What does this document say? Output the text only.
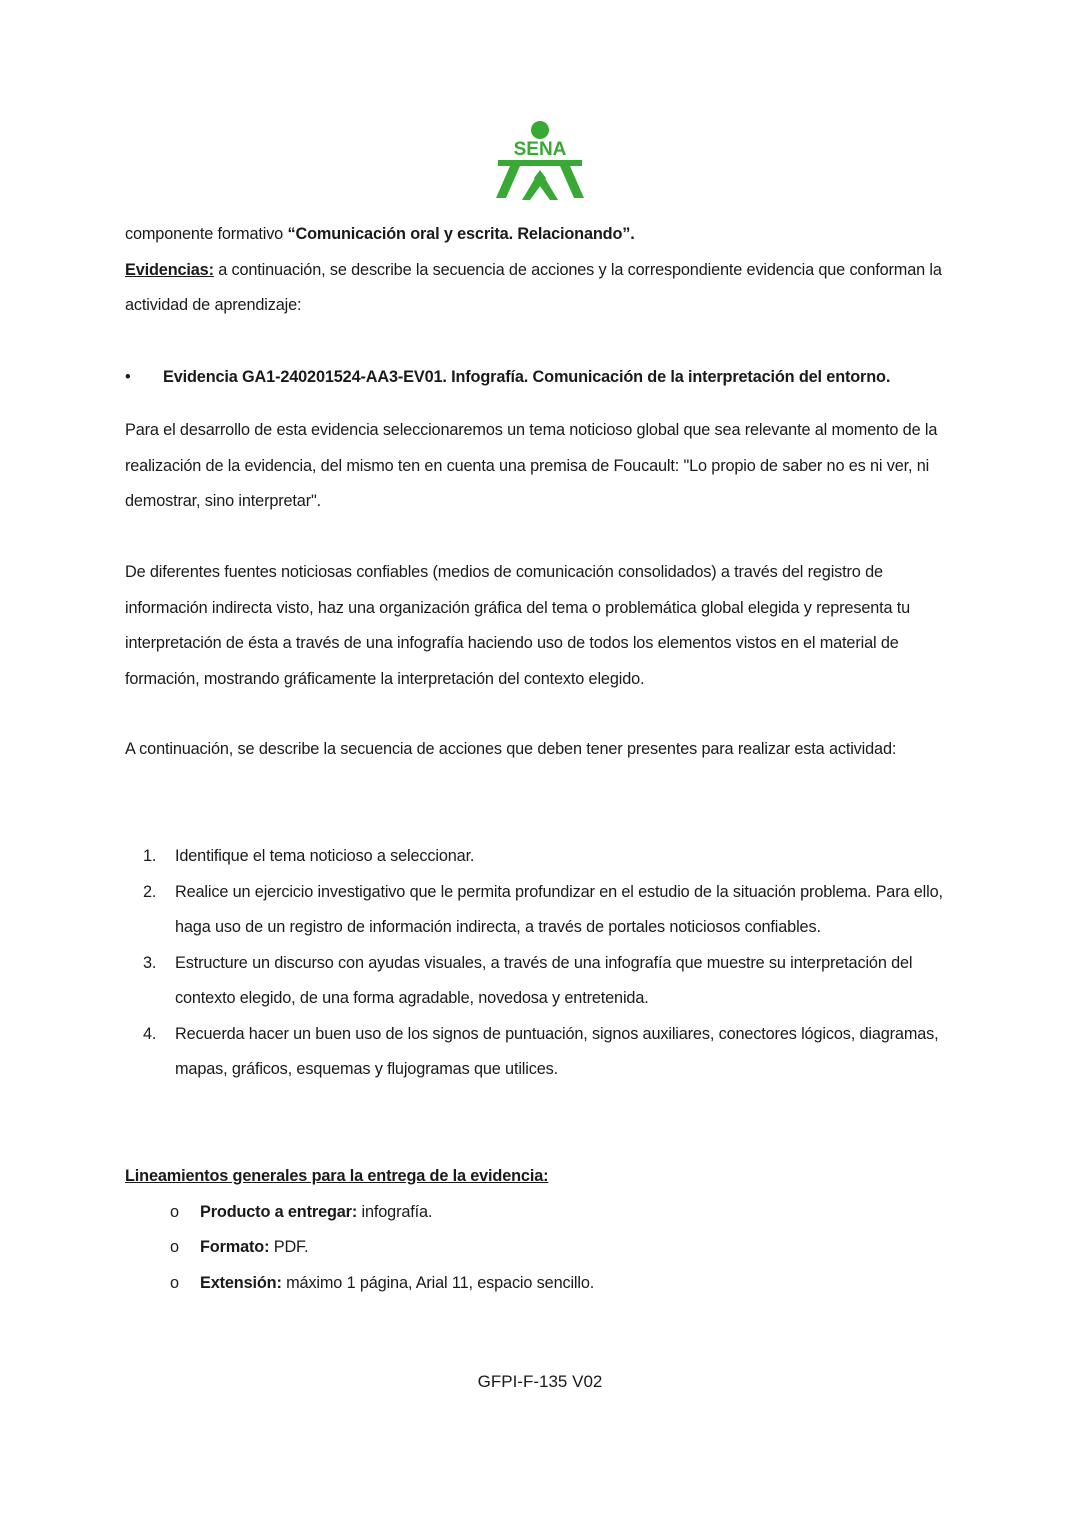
SENA

componente formativo “Comunicación oral y escrita. Relacionando”.

Evidencias: a continuación, se describe la secuencia de acciones y la correspondiente evidencia que conforman la actividad de aprendizaje:

•	Evidencia GA1-240201524-AA3-EV01. Infografía. Comunicación de la interpretación del entorno.
Para el desarrollo de esta evidencia seleccionaremos un tema noticioso global que sea relevante al momento de la realización de la evidencia, del mismo ten en cuenta una premisa de Foucault: "Lo propio de saber no es ni ver, ni demostrar, sino interpretar".
De diferentes fuentes noticiosas confiables (medios de comunicación consolidados) a través del registro de información indirecta visto, haz una organización gráfica del tema o problemática global elegida y representa tu interpretación de ésta a través de una infografía haciendo uso de todos los elementos vistos en el material de formación, mostrando gráficamente la interpretación del contexto elegido.
A continuación, se describe la secuencia de acciones que deben tener presentes para realizar esta actividad:
1. Identifique el tema noticioso a seleccionar.
2. Realice un ejercicio investigativo que le permita profundizar en el estudio de la situación problema. Para ello, haga uso de un registro de información indirecta, a través de portales noticiosos confiables.
3. Estructure un discurso con ayudas visuales, a través de una infografía que muestre su interpretación del contexto elegido, de una forma agradable, novedosa y entretenida.
4. Recuerda hacer un buen uso de los signos de puntuación, signos auxiliares, conectores lógicos, diagramas, mapas, gráficos, esquemas y flujogramas que utilices.

Lineamientos generales para la entrega de la evidencia:

o Producto a entregar: infografía.
o Formato: PDF.
o Extensión: máximo 1 página, Arial 11, espacio sencillo.
GFPI-F-135 V02
